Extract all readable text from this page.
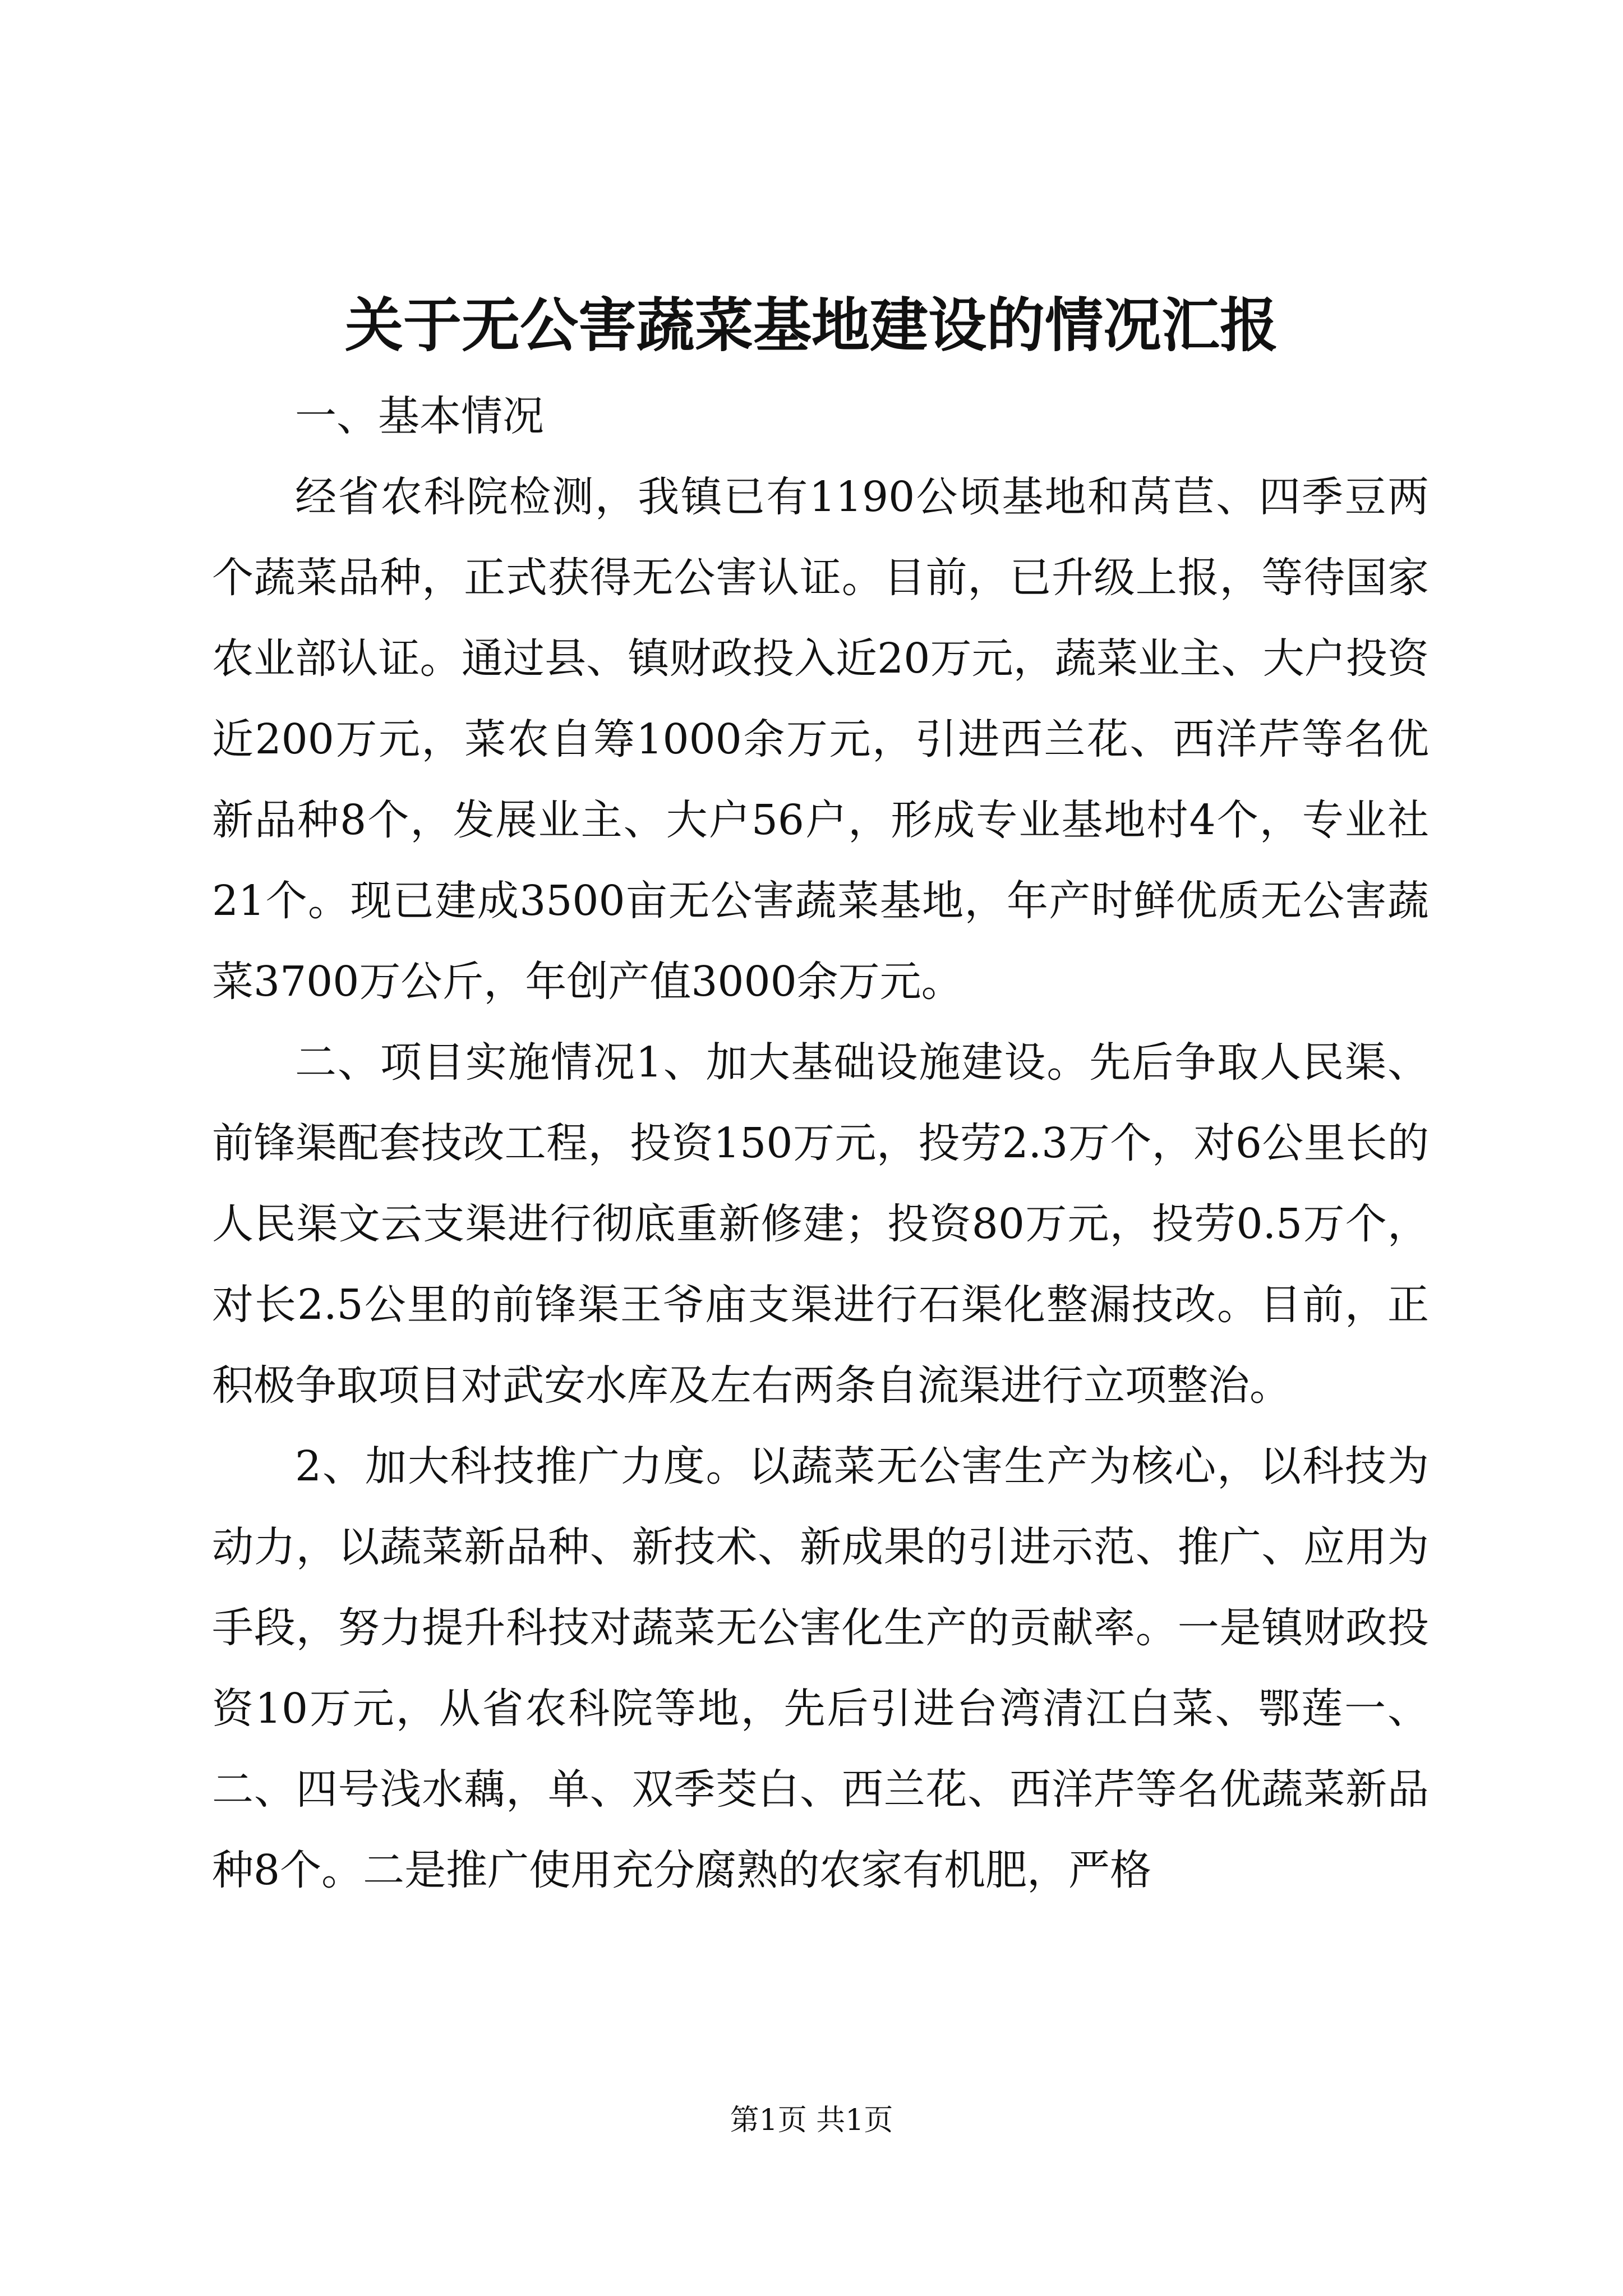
关于无公害蔬菜基地建设的情况汇报

一、基本情况

经省农科院检测，我镇已有1190公顷基地和莴苣、四季豆两个蔬菜品种，正式获得无公害认证。目前，已升级上报，等待国家农业部认证。通过县、镇财政投入近20万元，蔬菜业主、大户投资近200万元，菜农自筹1000余万元，引进西兰花、西洋芹等名优新品种8个，发展业主、大户56户，形成专业基地村4个，专业社21个。现已建成3500亩无公害蔬菜基地，年产时鲜优质无公害蔬菜3700万公斤，年创产值3000余万元。

二、项目实施情况1、加大基础设施建设。先后争取人民渠、前锋渠配套技改工程，投资150万元，投劳2.3万个，对6公里长的人民渠文云支渠进行彻底重新修建；投资80万元，投劳0.5万个，对长2.5公里的前锋渠王爷庙支渠进行石渠化整漏技改。目前，正积极争取项目对武安水库及左右两条自流渠进行立项整治。

2、加大科技推广力度。以蔬菜无公害生产为核心，以科技为动力，以蔬菜新品种、新技术、新成果的引进示范、推广、应用为手段，努力提升科技对蔬菜无公害化生产的贡献率。一是镇财政投资10万元，从省农科院等地，先后引进台湾清江白菜、鄂莲一、二、四号浅水藕，单、双季茭白、西兰花、西洋芹等名优蔬菜新品种8个。二是推广使用充分腐熟的农家有机肥，严格

第1页 共1页
